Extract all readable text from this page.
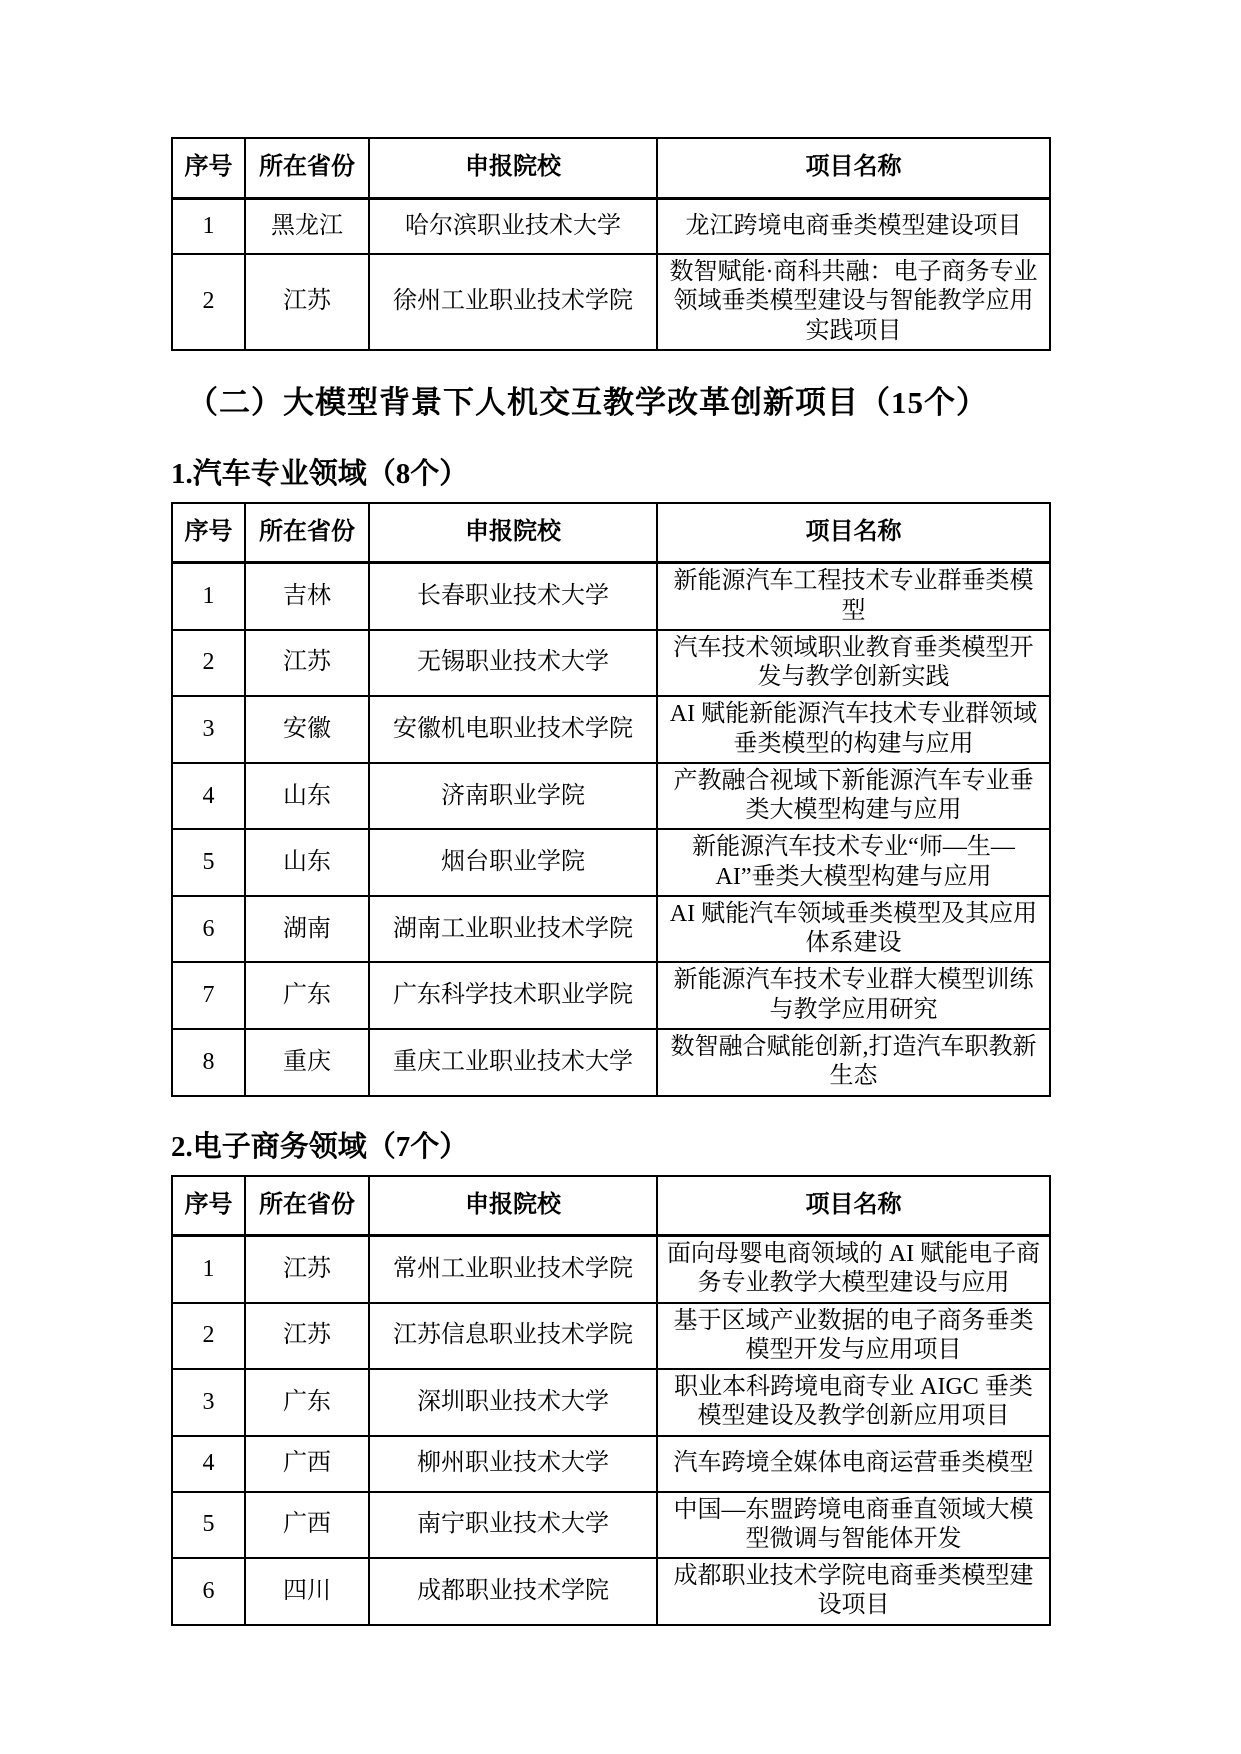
序号	所在省份	申报院校	项目名称
1	黑龙江	哈尔滨职业技术大学	龙江跨境电商垂类模型建设项目
2	江苏	徐州工业职业技术学院	数智赋能·商科共融：电子商务专业领域垂类模型建设与智能教学应用实践项目
（二）大模型背景下人机交互教学改革创新项目（15个）
1.汽车专业领域（8个）
序号	所在省份	申报院校	项目名称
1	吉林	长春职业技术大学	新能源汽车工程技术专业群垂类模型
2	江苏	无锡职业技术大学	汽车技术领域职业教育垂类模型开发与教学创新实践
3	安徽	安徽机电职业技术学院	AI 赋能新能源汽车技术专业群领域垂类模型的构建与应用
4	山东	济南职业学院	产教融合视域下新能源汽车专业垂类大模型构建与应用
5	山东	烟台职业学院	新能源汽车技术专业“师—生—AI”垂类大模型构建与应用
6	湖南	湖南工业职业技术学院	AI 赋能汽车领域垂类模型及其应用体系建设
7	广东	广东科学技术职业学院	新能源汽车技术专业群大模型训练与教学应用研究
8	重庆	重庆工业职业技术大学	数智融合赋能创新,打造汽车职教新生态
2.电子商务领域（7个）
序号	所在省份	申报院校	项目名称
1	江苏	常州工业职业技术学院	面向母婴电商领域的 AI 赋能电子商务专业教学大模型建设与应用
2	江苏	江苏信息职业技术学院	基于区域产业数据的电子商务垂类模型开发与应用项目
3	广东	深圳职业技术大学	职业本科跨境电商专业 AIGC 垂类模型建设及教学创新应用项目
4	广西	柳州职业技术大学	汽车跨境全媒体电商运营垂类模型
5	广西	南宁职业技术大学	中国—东盟跨境电商垂直领域大模型微调与智能体开发
6	四川	成都职业技术学院	成都职业技术学院电商垂类模型建设项目
